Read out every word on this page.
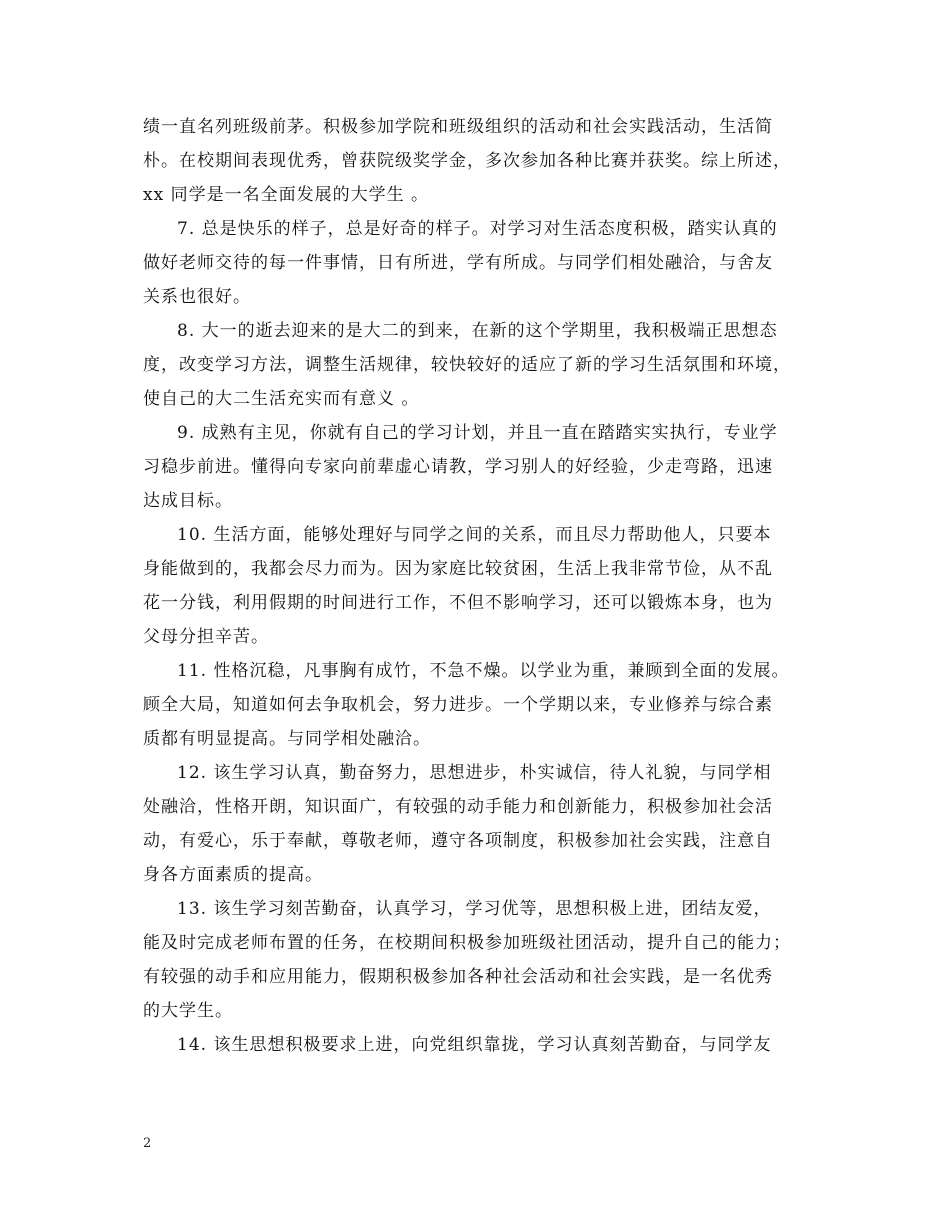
绩一直名列班级前茅。积极参加学院和班级组织的活动和社会实践活动，生活简
朴。在校期间表现优秀，曾获院级奖学金，多次参加各种比赛并获奖。综上所述，
xx 同学是一名全面发展的大学生 。
7. 总是快乐的样子，总是好奇的样子。对学习对生活态度积极，踏实认真的
做好老师交待的每一件事情，日有所进，学有所成。与同学们相处融洽，与舍友
关系也很好。
8. 大一的逝去迎来的是大二的到来，在新的这个学期里，我积极端正思想态
度，改变学习方法，调整生活规律，较快较好的适应了新的学习生活氛围和环境，
使自己的大二生活充实而有意义 。
9. 成熟有主见，你就有自己的学习计划，并且一直在踏踏实实执行，专业学
习稳步前进。懂得向专家向前辈虚心请教，学习别人的好经验，少走弯路，迅速
达成目标。
10. 生活方面，能够处理好与同学之间的关系，而且尽力帮助他人，只要本
身能做到的，我都会尽力而为。因为家庭比较贫困，生活上我非常节俭，从不乱
花一分钱，利用假期的时间进行工作，不但不影响学习，还可以锻炼本身，也为
父母分担辛苦。
11. 性格沉稳，凡事胸有成竹，不急不燥。以学业为重，兼顾到全面的发展。
顾全大局，知道如何去争取机会，努力进步。一个学期以来，专业修养与综合素
质都有明显提高。与同学相处融洽。
12. 该生学习认真，勤奋努力，思想进步，朴实诚信，待人礼貌，与同学相
处融洽，性格开朗，知识面广，有较强的动手能力和创新能力，积极参加社会活
动，有爱心，乐于奉献，尊敬老师，遵守各项制度，积极参加社会实践，注意自
身各方面素质的提高。
13. 该生学习刻苦勤奋，认真学习，学习优等，思想积极上进，团结友爱，
能及时完成老师布置的任务，在校期间积极参加班级社团活动，提升自己的能力；
有较强的动手和应用能力，假期积极参加各种社会活动和社会实践，是一名优秀
的大学生。
14. 该生思想积极要求上进，向党组织靠拢，学习认真刻苦勤奋，与同学友
2
